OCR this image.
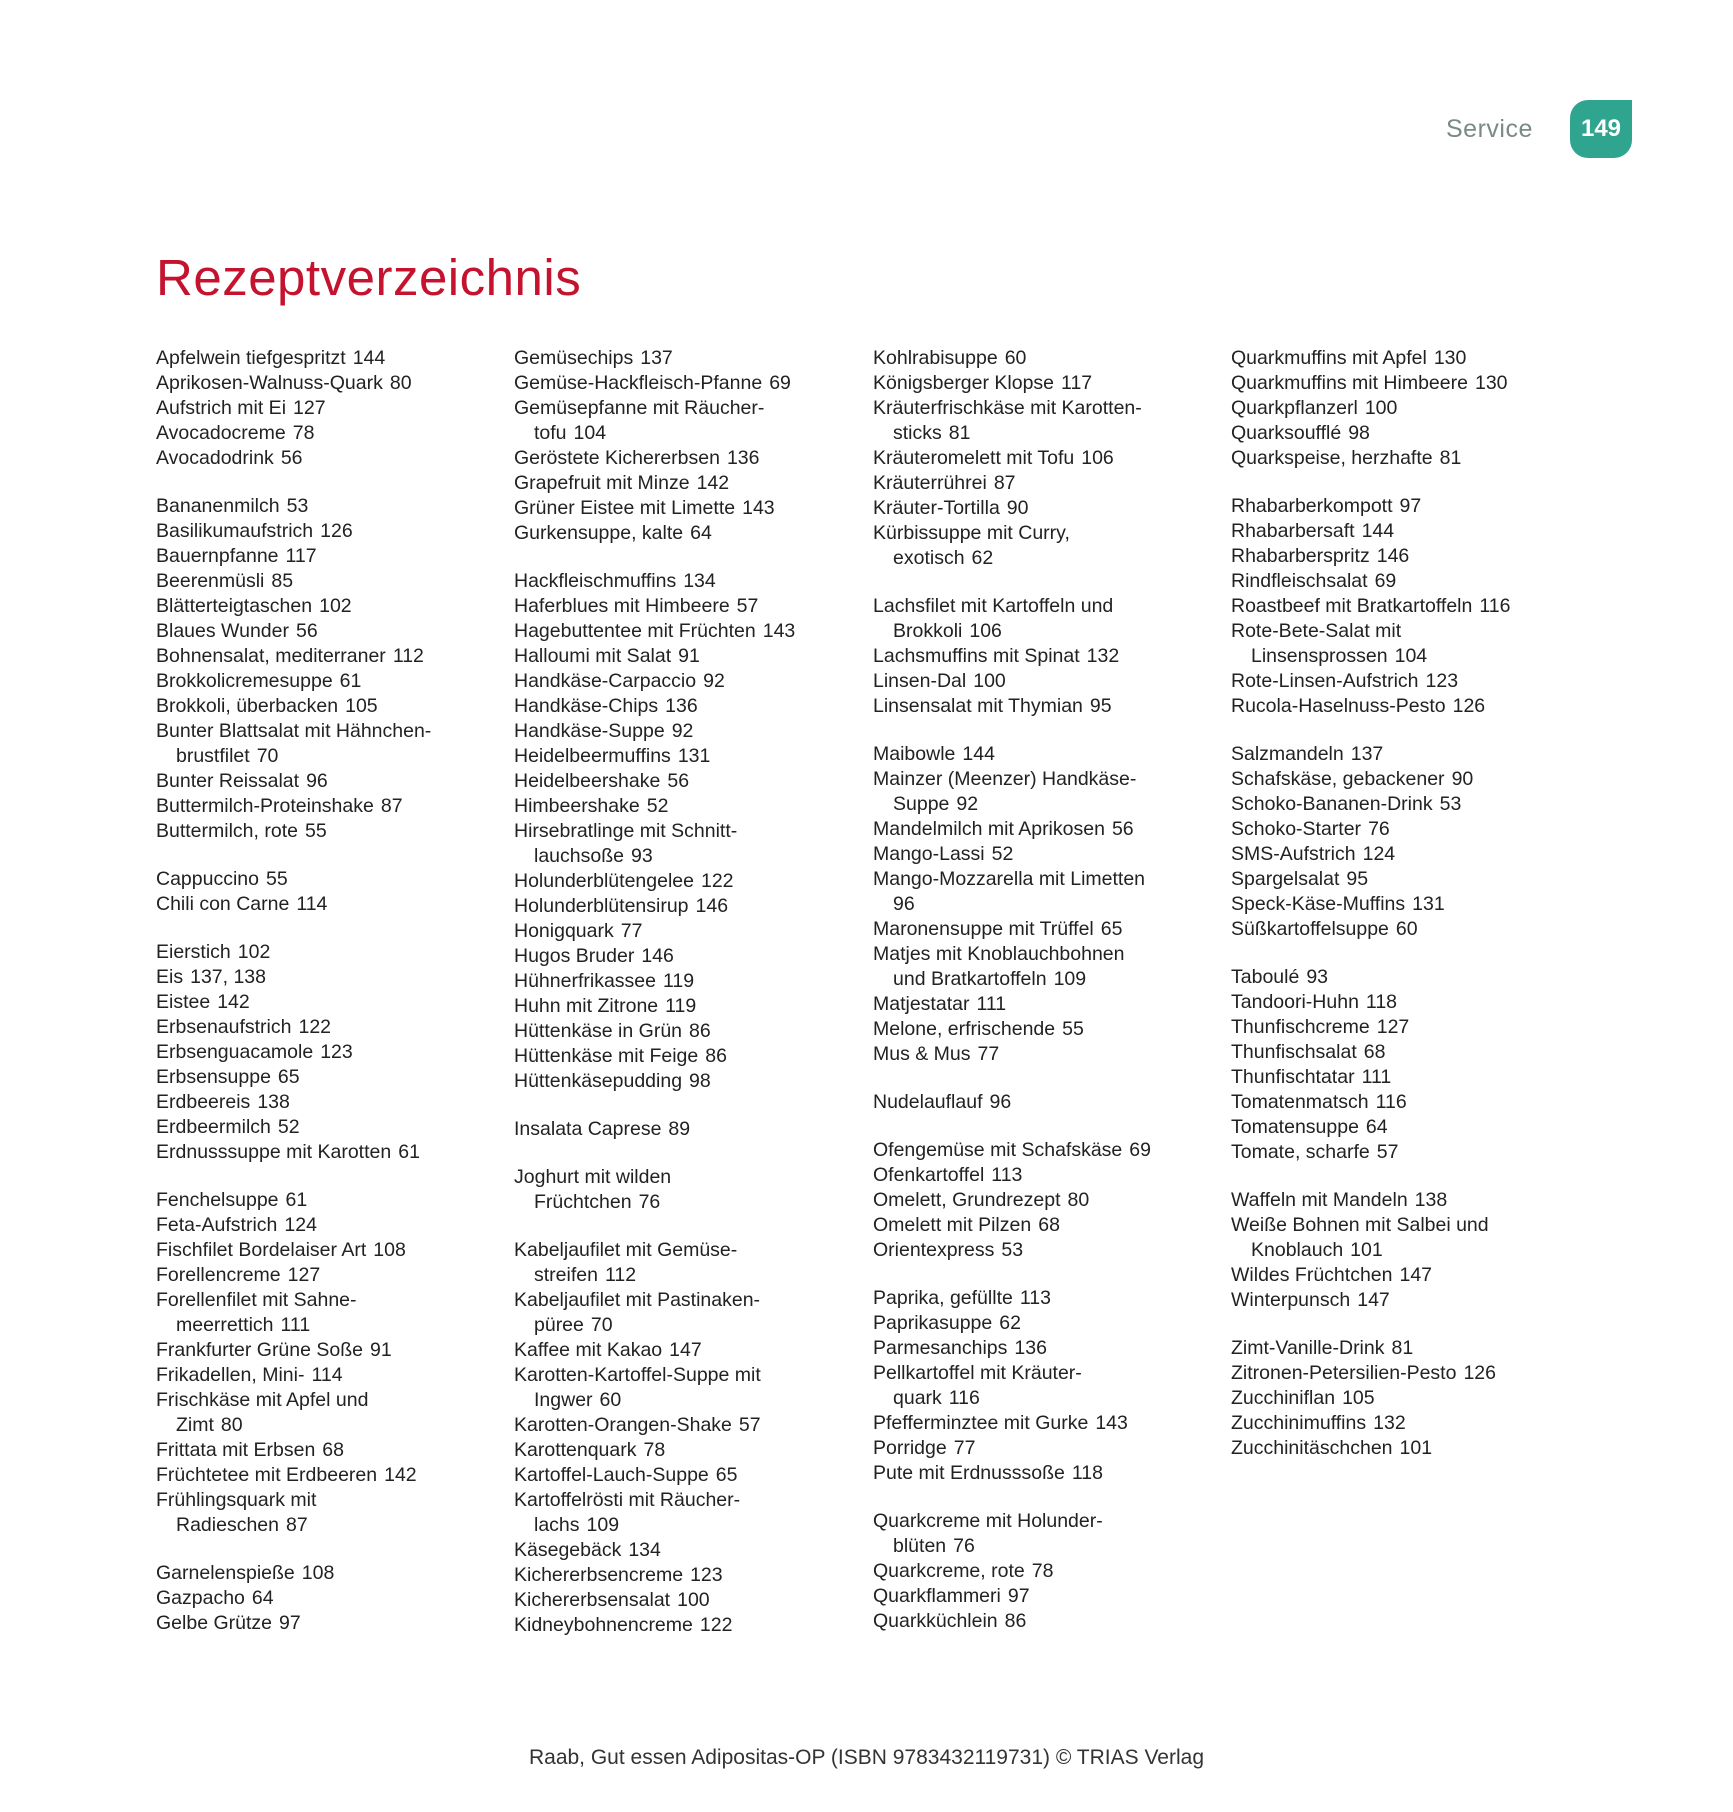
Service	149
Rezeptverzeichnis
Apfelwein tiefgespritzt 144
Aprikosen-Walnuss-Quark 80
Aufstrich mit Ei 127
Avocadocreme 78
Avocadodrink 56
Bananenmilch 53
Basilikumaufstrich 126
Bauernpfanne 117
Beerenmüsli 85
Blätterteigtaschen 102
Blaues Wunder 56
Bohnensalat, mediterraner 112
Brokkolicremesuppe 61
Brokkoli, überbacken 105
Bunter Blattsalat mit Hähnchen-
brustfilet 70
Bunter Reissalat 96
Buttermilch-Proteinshake 87
Buttermilch, rote 55
Cappuccino 55
Chili con Carne 114
Eierstich 102
Eis 137, 138
Eistee 142
Erbsenaufstrich 122
Erbsenguacamole 123
Erbsensuppe 65
Erdbeereis 138
Erdbeermilch 52
Erdnusssuppe mit Karotten 61
Fenchelsuppe 61
Feta-Aufstrich 124
Fischfilet Bordelaiser Art 108
Forellencreme 127
Forellenfilet mit Sahne-
meerrettich 111
Frankfurter Grüne Soße 91
Frikadellen, Mini- 114
Frischkäse mit Apfel und
Zimt 80
Frittata mit Erbsen 68
Früchtetee mit Erdbeeren 142
Frühlingsquark mit
Radieschen 87
Garnelenspieße 108
Gazpacho 64
Gelbe Grütze 97
Gemüsechips 137
Gemüse-Hackfleisch-Pfanne 69
Gemüsepfanne mit Räucher-
tofu 104
Geröstete Kichererbsen 136
Grapefruit mit Minze 142
Grüner Eistee mit Limette 143
Gurkensuppe, kalte 64
Hackfleischmuffins 134
Haferblues mit Himbeere 57
Hagebuttentee mit Früchten 143
Halloumi mit Salat 91
Handkäse-Carpaccio 92
Handkäse-Chips 136
Handkäse-Suppe 92
Heidelbeermuffins 131
Heidelbeershake 56
Himbeershake 52
Hirsebratlinge mit Schnitt-
lauchsoße 93
Holunderblütengelee 122
Holunderblütensirup 146
Honigquark 77
Hugos Bruder 146
Hühnerfrikassee 119
Huhn mit Zitrone 119
Hüttenkäse in Grün 86
Hüttenkäse mit Feige 86
Hüttenkäsepudding 98
Insalata Caprese 89
Joghurt mit wilden
Früchtchen 76
Kabeljaufilet mit Gemüse-
streifen 112
Kabeljaufilet mit Pastinaken-
püree 70
Kaffee mit Kakao 147
Karotten-Kartoffel-Suppe mit
Ingwer 60
Karotten-Orangen-Shake 57
Karottenquark 78
Kartoffel-Lauch-Suppe 65
Kartoffelrösti mit Räucher-
lachs 109
Käsegebäck 134
Kichererbsencreme 123
Kichererbsensalat 100
Kidneybohnencreme 122
Kohlrabisuppe 60
Königsberger Klopse 117
Kräuterfrischkäse mit Karotten-
sticks 81
Kräuteromelett mit Tofu 106
Kräuterrührei 87
Kräuter-Tortilla 90
Kürbissuppe mit Curry,
exotisch 62
Lachsfilet mit Kartoffeln und
Brokkoli 106
Lachsmuffins mit Spinat 132
Linsen-Dal 100
Linsensalat mit Thymian 95
Maibowle 144
Mainzer (Meenzer) Handkäse-
Suppe 92
Mandelmilch mit Aprikosen 56
Mango-Lassi 52
Mango-Mozzarella mit Limetten
96
Maronensuppe mit Trüffel 65
Matjes mit Knoblauchbohnen
und Bratkartoffeln 109
Matjestatar 111
Melone, erfrischende 55
Mus & Mus 77
Nudelauflauf 96
Ofengemüse mit Schafskäse 69
Ofenkartoffel 113
Omelett, Grundrezept 80
Omelett mit Pilzen 68
Orientexpress 53
Paprika, gefüllte 113
Paprikasuppe 62
Parmesanchips 136
Pellkartoffel mit Kräuter-
quark 116
Pfefferminztee mit Gurke 143
Porridge 77
Pute mit Erdnusssoße 118
Quarkcreme mit Holunder-
blüten 76
Quarkcreme, rote 78
Quarkflammeri 97
Quarkküchlein 86
Quarkmuffins mit Apfel 130
Quarkmuffins mit Himbeere 130
Quarkpflanzerl 100
Quarksoufflé 98
Quarkspeise, herzhafte 81
Rhabarberkompott 97
Rhabarbersaft 144
Rhabarberspritz 146
Rindfleischsalat 69
Roastbeef mit Bratkartoffeln 116
Rote-Bete-Salat mit
Linsensprossen 104
Rote-Linsen-Aufstrich 123
Rucola-Haselnuss-Pesto 126
Salzmandeln 137
Schafskäse, gebackener 90
Schoko-Bananen-Drink 53
Schoko-Starter 76
SMS-Aufstrich 124
Spargelsalat 95
Speck-Käse-Muffins 131
Süßkartoffelsuppe 60
Taboulé 93
Tandoori-Huhn 118
Thunfischcreme 127
Thunfischsalat 68
Thunfischtatar 111
Tomatenmatsch 116
Tomatensuppe 64
Tomate, scharfe 57
Waffeln mit Mandeln 138
Weiße Bohnen mit Salbei und
Knoblauch 101
Wildes Früchtchen 147
Winterpunsch 147
Zimt-Vanille-Drink 81
Zitronen-Petersilien-Pesto 126
Zucchiniflan 105
Zucchinimuffins 132
Zucchinitäschchen 101
Raab, Gut essen Adipositas-OP (ISBN 9783432119731) © TRIAS Verlag
